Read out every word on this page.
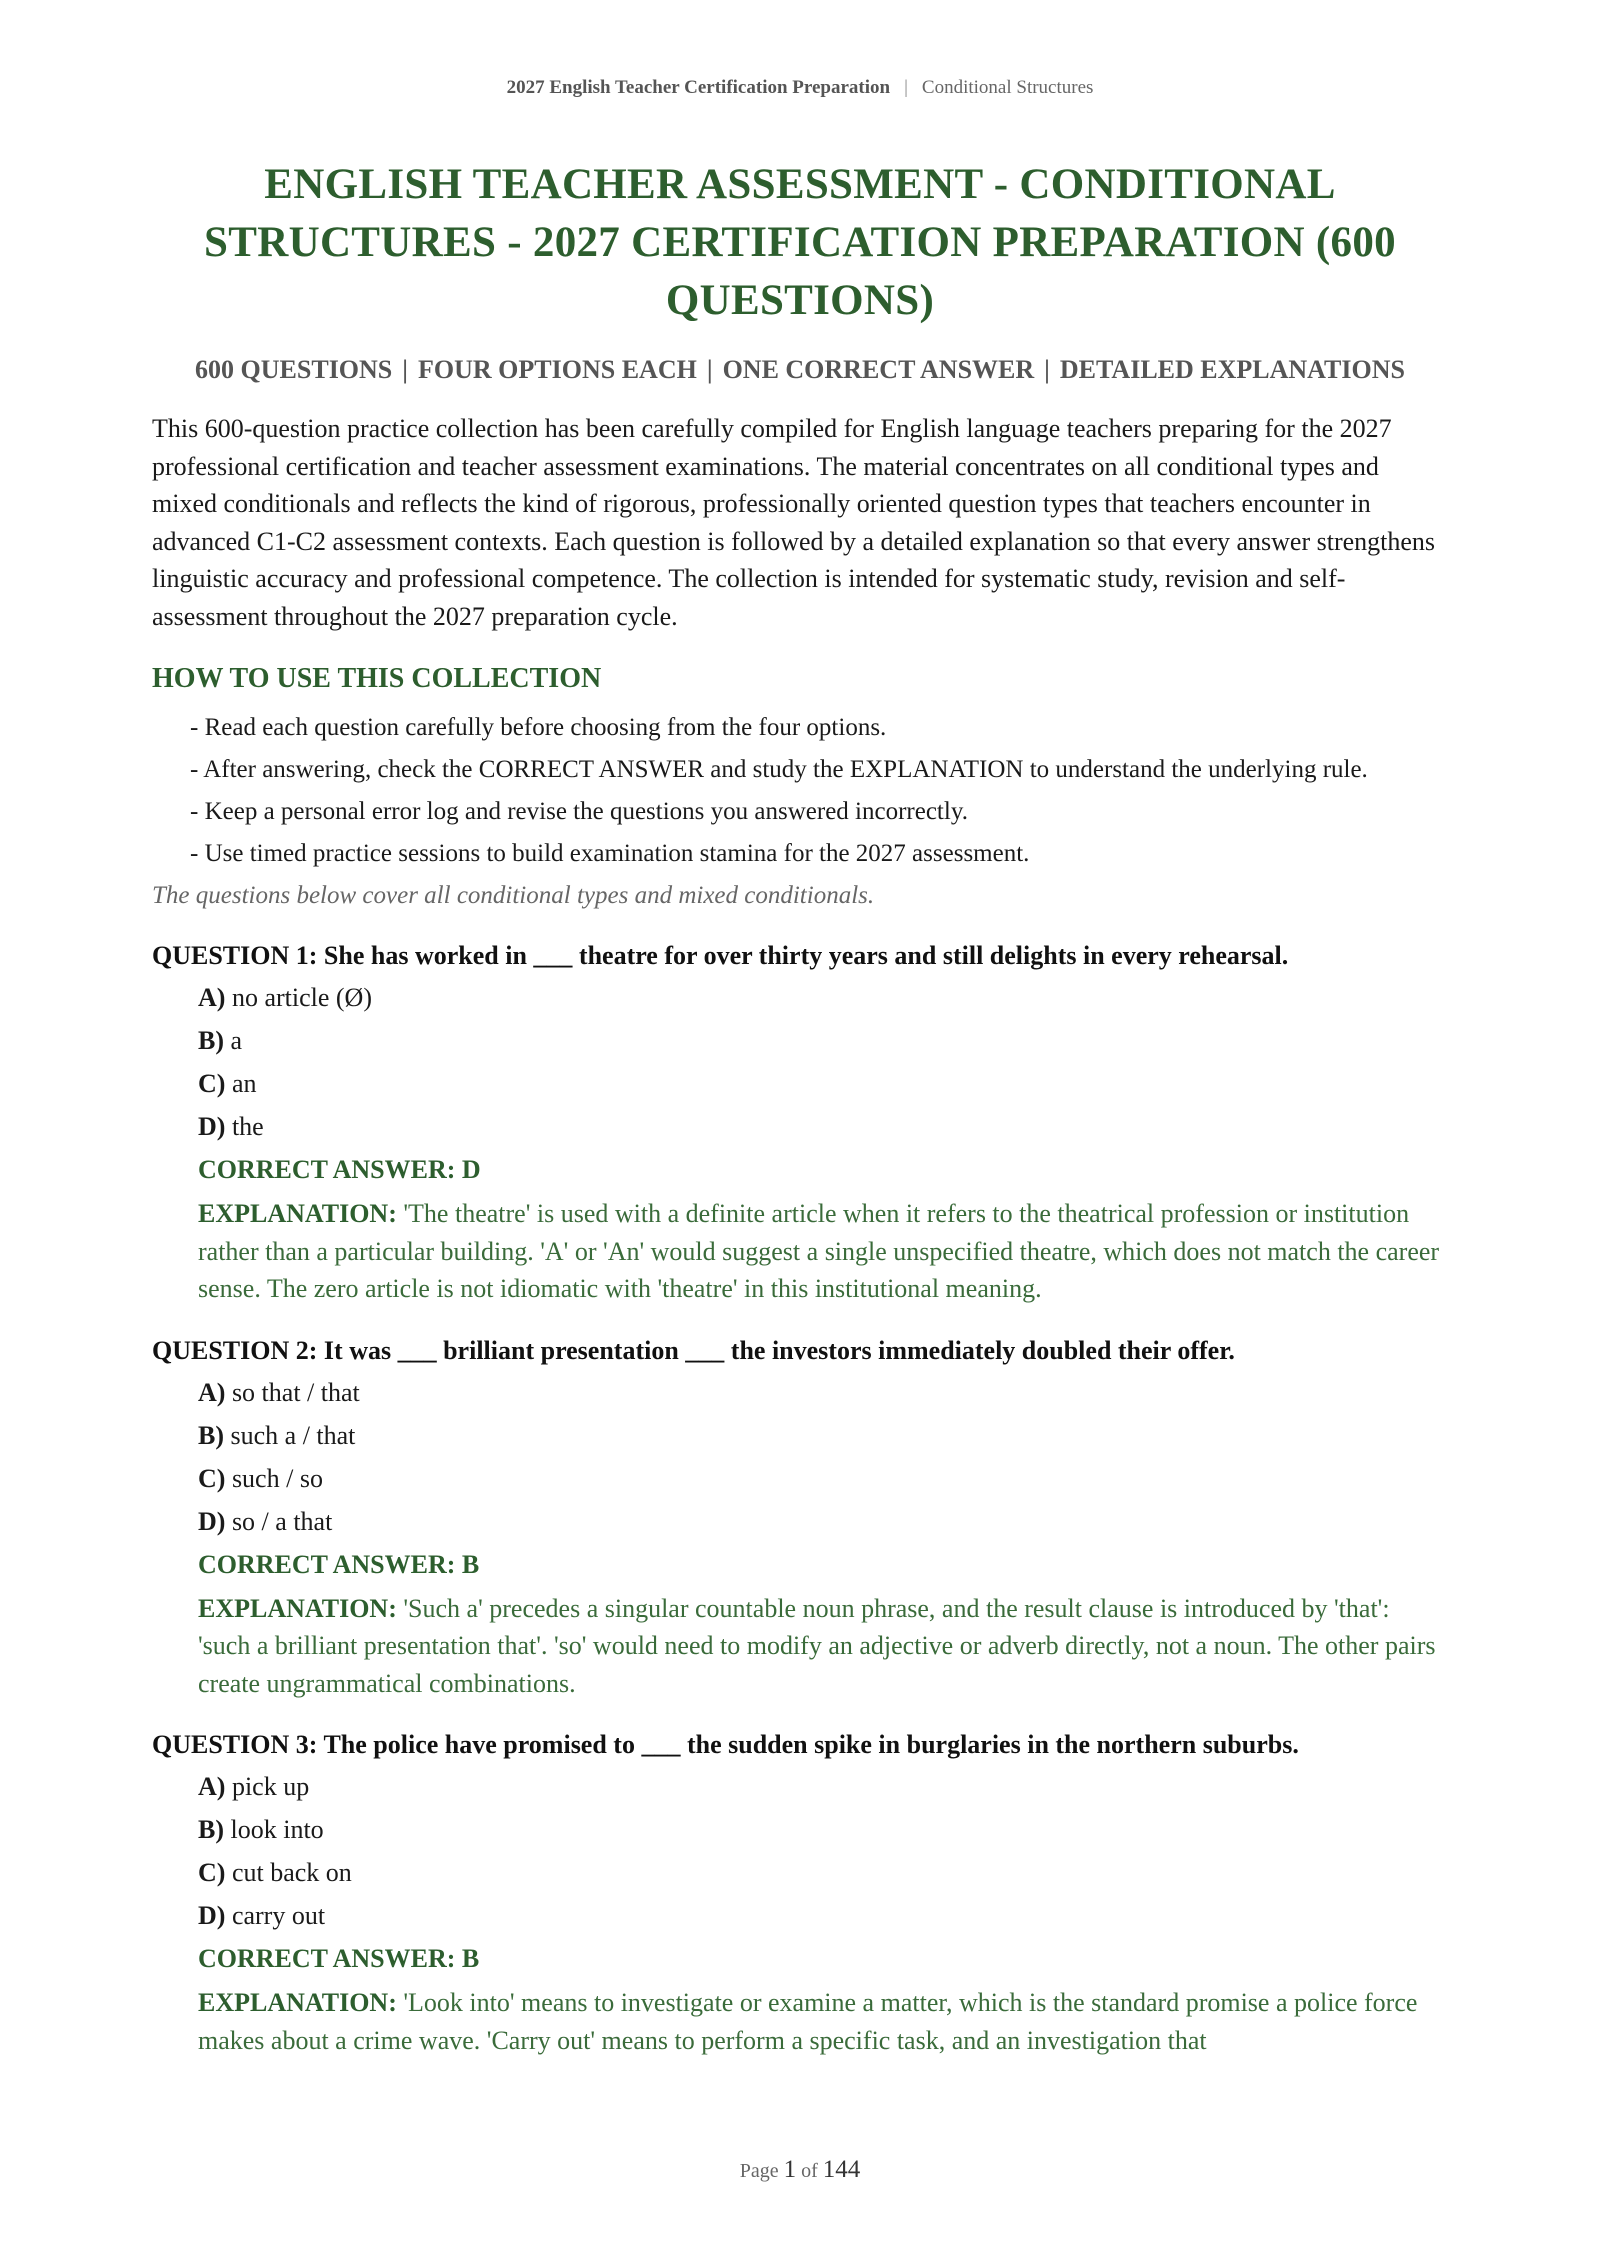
2027 English Teacher Certification Preparation | Conditional Structures
ENGLISH TEACHER ASSESSMENT - CONDITIONAL STRUCTURES - 2027 CERTIFICATION PREPARATION (600 QUESTIONS)
600 QUESTIONS | FOUR OPTIONS EACH | ONE CORRECT ANSWER | DETAILED EXPLANATIONS

This 600-question practice collection has been carefully compiled for English language teachers preparing for the 2027 professional certification and teacher assessment examinations. The material concentrates on all conditional types and mixed conditionals and reflects the kind of rigorous, professionally oriented question types that teachers encounter in advanced C1-C2 assessment contexts. Each question is followed by a detailed explanation so that every answer strengthens linguistic accuracy and professional competence. The collection is intended for systematic study, revision and self-assessment throughout the 2027 preparation cycle.

HOW TO USE THIS COLLECTION
- Read each question carefully before choosing from the four options.
- After answering, check the CORRECT ANSWER and study the EXPLANATION to understand the underlying rule.
- Keep a personal error log and revise the questions you answered incorrectly.
- Use timed practice sessions to build examination stamina for the 2027 assessment.
The questions below cover all conditional types and mixed conditionals.
QUESTION 1: She has worked in ___ theatre for over thirty years and still delights in every rehearsal.
A) no article (Ø)
B) a
C) an
D) the
CORRECT ANSWER: D
EXPLANATION: 'The theatre' is used with a definite article when it refers to the theatrical profession or institution rather than a particular building. 'A' or 'An' would suggest a single unspecified theatre, which does not match the career sense. The zero article is not idiomatic with 'theatre' in this institutional meaning.
QUESTION 2: It was ___ brilliant presentation ___ the investors immediately doubled their offer.
A) so that / that
B) such a / that
C) such / so
D) so / a that
CORRECT ANSWER: B
EXPLANATION: 'Such a' precedes a singular countable noun phrase, and the result clause is introduced by 'that': 'such a brilliant presentation that'. 'so' would need to modify an adjective or adverb directly, not a noun. The other pairs create ungrammatical combinations.
QUESTION 3: The police have promised to ___ the sudden spike in burglaries in the northern suburbs.
A) pick up
B) look into
C) cut back on
D) carry out
CORRECT ANSWER: B
EXPLANATION: 'Look into' means to investigate or examine a matter, which is the standard promise a police force makes about a crime wave. 'Carry out' means to perform a specific task, and an investigation that
Page 1 of 144
